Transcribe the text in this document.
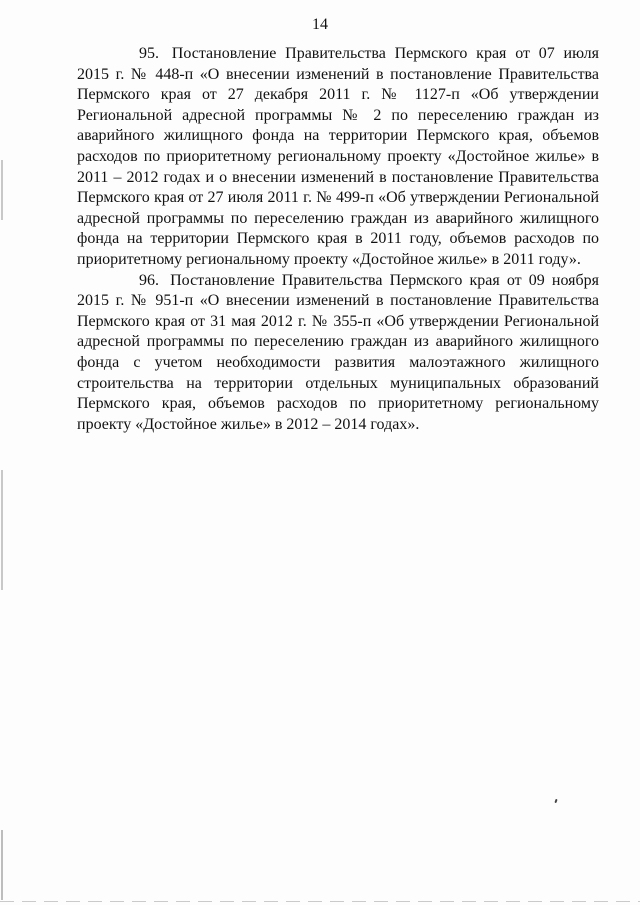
14

95. Постановление Правительства Пермского края от 07 июля 2015 г. № 448-п «О внесении изменений в постановление Правительства Пермского края от 27 декабря 2011 г. № 1127-п «Об утверждении Региональной адресной программы № 2 по переселению граждан из аварийного жилищного фонда на территории Пермского края, объемов расходов по приоритетному региональному проекту «Достойное жилье» в 2011 – 2012 годах и о внесении изменений в постановление Правительства Пермского края от 27 июля 2011 г. № 499-п «Об утверждении Региональной адресной программы по переселению граждан из аварийного жилищного фонда на территории Пермского края в 2011 году, объемов расходов по приоритетному региональному проекту «Достойное жилье» в 2011 году».

96. Постановление Правительства Пермского края от 09 ноября 2015 г. № 951-п «О внесении изменений в постановление Правительства Пермского края от 31 мая 2012 г. № 355-п «Об утверждении Региональной адресной программы по переселению граждан из аварийного жилищного фонда с учетом необходимости развития малоэтажного жилищного строительства на территории отдельных муниципальных образований Пермского края, объемов расходов по приоритетному региональному проекту «Достойное жилье» в 2012 – 2014 годах».
